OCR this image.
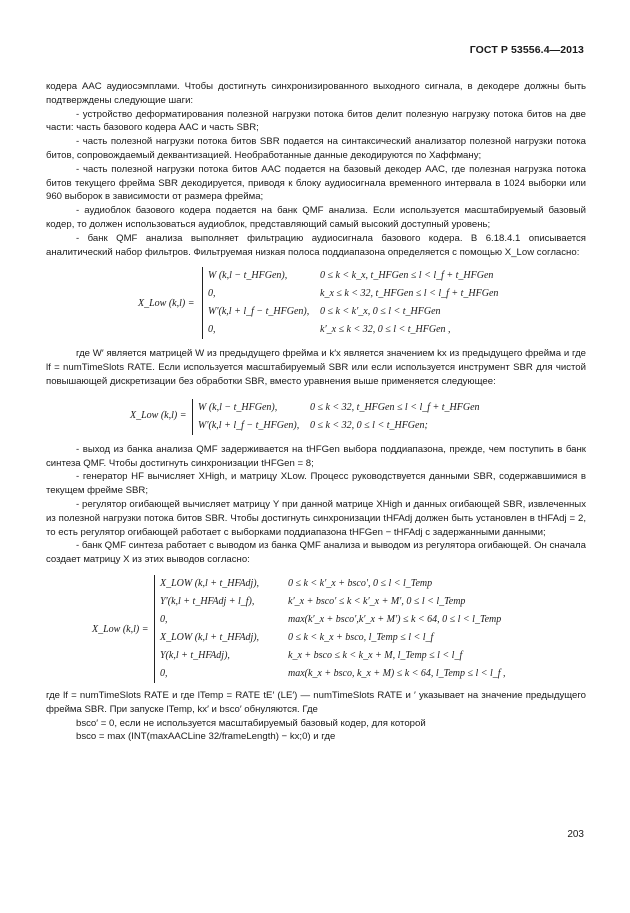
ГОСТ Р 53556.4—2013

кодера AAC аудиосэмплами. Чтобы достигнуть синхронизированного выходного сигнала, в декодере должны быть подтверждены следующие шаги:

- устройство деформатирования полезной нагрузки потока битов делит полезную нагрузку потока битов на две части: часть базового кодера AAC и часть SBR;

- часть полезной нагрузки потока битов SBR подается на синтаксический анализатор полезной нагрузки потока битов, сопровождаемый деквантизацией. Необработанные данные декодируются по Хаффману;

- часть полезной нагрузки потока битов AAC подается на базовый декодер AAC, где полезная нагрузка потока битов текущего фрейма SBR декодируется, приводя к блоку аудиосигнала временного интервала в 1024 выборки или 960 выборок в зависимости от размера фрейма;

- аудиоблок базового кодера подается на банк QMF анализа. Если используется масштабируемый базовый кодер, то должен использоваться аудиоблок, представляющий самый высокий доступный уровень;

- банк QMF анализа выполняет фильтрацию аудиосигнала базового кодера. В 6.18.4.1 описывается аналитический набор фильтров. Фильтруемая низкая полоса поддиапазона определяется с помощью X_Low согласно:

X_Low (k,l) =
W (k,l − t_HFGen),	0 ≤ k < k_x, t_HFGen ≤ l < l_f + t_HFGen
0,	k_x ≤ k < 32, t_HFGen ≤ l < l_f + t_HFGen
W′(k,l + l_f − t_HFGen), 0 ≤ k < k′_x, 0 ≤ l < t_HFGen
0,	k′_x ≤ k < 32, 0 ≤ l < t_HFGen ,

где W′ является матрицей W из предыдущего фрейма и k′x является значением kx из предыдущего фрейма и где lf = numTimeSlots RATE. Если используется масштабируемый SBR или если используется инструмент SBR для чистой повышающей дискретизации без обработки SBR, вместо уравнения выше применяется следующее:

X_Low (k,l) =
W (k,l − t_HFGen),	0 ≤ k < 32, t_HFGen ≤ l < l_f + t_HFGen
W′(k,l + l_f − t_HFGen), 0 ≤ k < 32, 0 ≤ l < t_HFGen;

- выход из банка анализа QMF задерживается на tHFGen выбора поддиапазона, прежде, чем поступить в банк синтеза QMF. Чтобы достигнуть синхронизации tHFGen = 8;

- генератор HF вычисляет XHigh, и матрицу XLow. Процесс руководствуется данными SBR, содержавшимися в текущем фрейме SBR;

- регулятор огибающей вычисляет матрицу Y при данной матрице XHigh и данных огибающей SBR, извлеченных из полезной нагрузки потока битов SBR. Чтобы достигнуть синхронизации tHFAdj должен быть установлен в tHFAdj = 2, то есть регулятор огибающей работает с выборками поддиапазона tHFGen − tHFAdj с задержанными данными;

- банк QMF синтеза работает с выводом из банка QMF анализа и выводом из регулятора огибающей. Он сначала создает матрицу X из этих выводов согласно:

X_Low (k,l) =
X_LOW (k,l + t_HFAdj),	0 ≤ k < k′_x + bsco′, 0 ≤ l < l_Temp
Y′(k,l + t_HFAdj + l_f),	k′_x + bsco′ ≤ k < k′_x + M′, 0 ≤ l < l_Temp
0,	max(k′_x + bsco′,k′_x + M′) ≤ k < 64, 0 ≤ l < l_Temp
X_LOW (k,l + t_HFAdj),	0 ≤ k < k_x + bsco, l_Temp ≤ l < l_f
Y(k,l + t_HFAdj),	k_x + bsco ≤ k < k_x + M, l_Temp ≤ l < l_f
0,	max(k_x + bsco, k_x + M) ≤ k < 64, l_Temp ≤ l < l_f ,

где lf = numTimeSlots RATE и где lTemp = RATE tE′ (LE′) — numTimeSlots RATE и ′ указывает на значение предыдущего фрейма SBR. При запуске lTemp, kx′ и bsco′ обнуляются. Где

bsco′ = 0, если не используется масштабируемый базовый кодер, для которой

bsco = max (INT(maxAACLine 32/frameLength) − kx;0) и где

203
